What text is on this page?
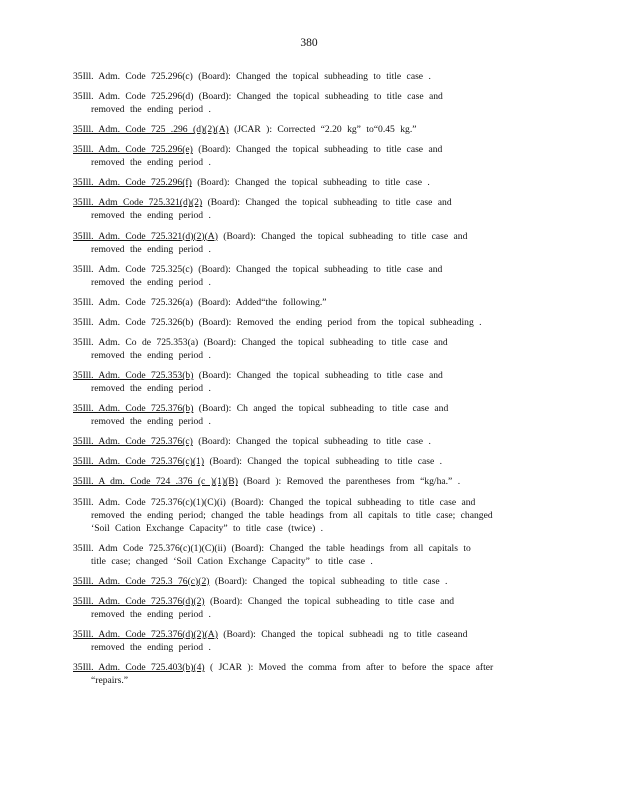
380
35Ill. Adm. Code 725.296(c) (Board): Changed the topical subheading to title case .
35Ill. Adm. Code 725.296(d) (Board): Changed the topical subheading to title case and
removed the ending period .
35Ill. Adm. Code 725 .296 (d)(2)(A) (JCAR ): Corrected “2.20 kg” to“0.45 kg.”
35Ill. Adm. Code 725.296(e) (Board): Changed the topical subheading to title case and
removed the ending period .
35Ill. Adm. Code 725.296(f) (Board): Changed the topical subheading to title case .
35Ill. Adm Code 725.321(d)(2) (Board): Changed the topical subheading to title case and
removed the ending period .
35Ill. Adm. Code 725.321(d)(2)(A) (Board): Changed the topical subheading to title case and
removed the ending period .
35Ill. Adm. Code 725.325(c) (Board): Changed the topical subheading to title case and
removed the ending period .
35Ill. Adm. Code 725.326(a) (Board): Added“the following.”
35Ill. Adm. Code 725.326(b) (Board): Removed the ending period from the topical subheading .
35Ill. Adm. Co de 725.353(a) (Board): Changed the topical subheading to title case and
removed the ending period .
35Ill. Adm. Code 725.353(b) (Board): Changed the topical subheading to title case and
removed the ending period .
35Ill. Adm. Code 725.376(b) (Board): Ch anged the topical subheading to title case and
removed the ending period .
35Ill. Adm. Code 725.376(c) (Board): Changed the topical subheading to title case .
35Ill. Adm. Code 725.376(c)(1) (Board): Changed the topical subheading to title case .
35Ill. A dm. Code 724 .376 (c )(1)(B) (Board ): Removed the parentheses from “kg/ha.” .
35Ill. Adm. Code 725.376(c)(1)(C)(i) (Board): Changed the topical subheading to title case and
removed the ending period; changed the table headings from all capitals to title case; changed
‘Soil Cation Exchange Capacity” to title case (twice) .
35Ill. Adm Code 725.376(c)(1)(C)(ii) (Board): Changed the table headings from all capitals to
title case; changed ‘Soil Cation Exchange Capacity” to title case .
35Ill. Adm. Code 725.3 76(c)(2) (Board): Changed the topical subheading to title case .
35Ill. Adm. Code 725.376(d)(2) (Board): Changed the topical subheading to title case and
removed the ending period .
35Ill. Adm. Code 725.376(d)(2)(A) (Board): Changed the topical subheadi ng to title caseand
removed the ending period .
35Ill. Adm. Code 725.403(b)(4) ( JCAR ): Moved the comma from after to before the space after
“repairs.”
